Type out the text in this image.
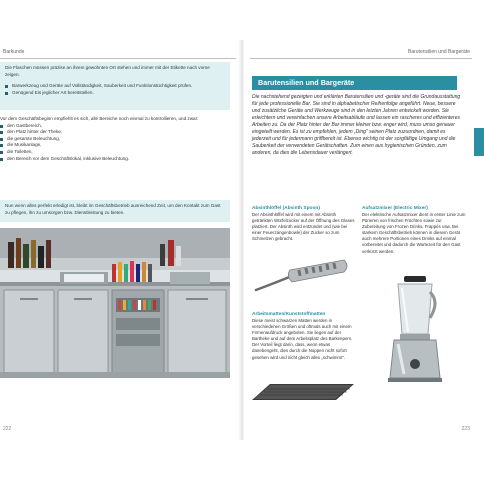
Barkunde
Die Flaschen müssen präzise an ihrem gewohnten Ort stehen und immer mit der Etikette nach vorne zeigen.
Barwerkzeug und Geräte auf Vollständigkeit, Sauberkeit und Funktionstüchtigkeit prüfen.
Genügend Eis jeglicher Art bereitstellen.
Vor dem Geschäftsbeginn empfiehlt es sich, alle Bereiche noch einmal zu kontrollieren, und zwar:
den Gastbereich,
den Platz hinter der Theke,
die gesamte Beleuchtung,
die Musikanlage,
die Toiletten,
den Bereich vor dem Geschäftslokal, inklusive Beleuchtung.
Nun wenn alles perfekt erledigt ist, bleibt im Geschäftsbetrieb ausreichend Zeit, um den Kontakt zum Gast zu pflegen, ihn zu umsorgen bzw. Dienstleistung zu bieten.
222
Barutensilien und Bargeräte
Barutensilien und Bargeräte
Die nachstehend gezeigten und erklärten Barutensilien und -geräte sind die Grundausstattung für jede professionelle Bar. Sie sind in alphabetischer Reihenfolge angeführt. Neue, bessere und zusätzliche Geräte und Werkzeuge sind in den letzten Jahren entwickelt worden. Sie erleichtern und vereinfachen unsere Arbeitsabläufe und lassen ein rascheres und effizienteres Arbeiten zu. Da der Platz hinter der Bar immer kleiner bzw. enger wird, muss umso genauer eingeteilt werden. Es ist zu empfehlen, jedem „Ding" seinen Platz zuzuordnen, damit es jederzeit und für jedermann griffbereit ist. Ebenso wichtig ist der sorgfältige Umgang und die Sauberkeit der verwendeten Gerätschaften. Zum einen aus hygienischen Gründen, zum anderen, da dies die Lebensdauer verlängert.
Absinthlöffel (Absinth Spoon)
Der Absinthlöffel wird mit einem mit Absinth getränkten Würfelzucker auf der Öffnung des Glases platziert. Der Absinth wird entzündet und (wie bei einer Feuerzangenbowle) der Zucker so zum Schmelzen gebracht.
Arbeitsmatten/Kunststoffmatten
Diese meist schwarzen Matten werden in verschiedenen Größen und oftmals auch mit einem Firmenaufdruck angeboten. Sie liegen auf der Bartheke und auf dem Arbeitsplatz des Barkeepers. Der Vorteil liegt darin, dass, wenn etwas danebengeht, dies durch die Noppen nicht sofort gesehen wird und nicht gleich alles „schwimmt".
Aufsatzmixer (Electric Mixer)
Der elektrische Aufsatzmixer dient in erster Linie zum Pürieren von frischen Früchten sowie zur Zubereitung von Frozen Drinks, Frappés usw. Bei starkem Geschäftsbetrieb können in diesem Gerät auch mehrere Portionen eines Drinks auf einmal vorbereitet und dadurch die Wartezeit für den Gast verkürzt werden.
223
